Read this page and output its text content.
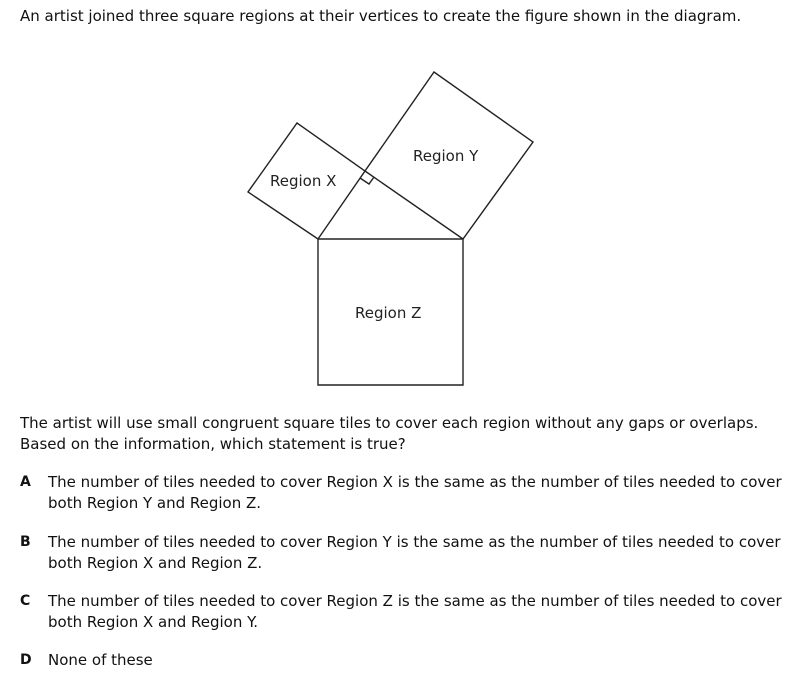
An artist joined three square regions at their vertices to create the figure shown in the diagram.
Region X
Region Y
Region Z
The artist will use small congruent square tiles to cover each region without any gaps or overlaps. Based on the information, which statement is true?
A The number of tiles needed to cover Region X is the same as the number of tiles needed to cover both Region Y and Region Z.
B The number of tiles needed to cover Region Y is the same as the number of tiles needed to cover both Region X and Region Z.
C The number of tiles needed to cover Region Z is the same as the number of tiles needed to cover both Region X and Region Y.
D None of these
